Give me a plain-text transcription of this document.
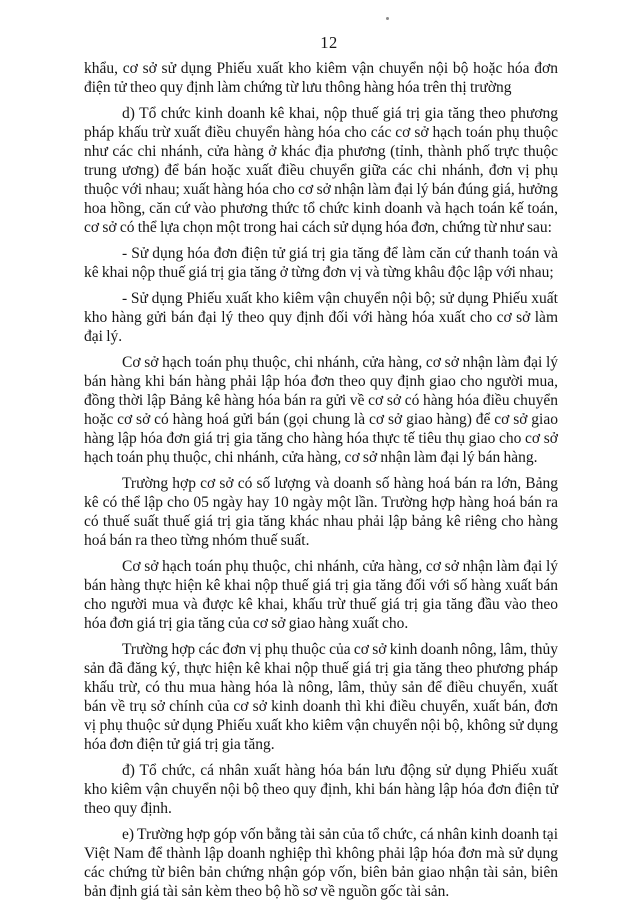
12

khẩu, cơ sở sử dụng Phiếu xuất kho kiêm vận chuyển nội bộ hoặc hóa đơn điện tử theo quy định làm chứng từ lưu thông hàng hóa trên thị trường

d) Tổ chức kinh doanh kê khai, nộp thuế giá trị gia tăng theo phương pháp khấu trừ xuất điều chuyển hàng hóa cho các cơ sở hạch toán phụ thuộc như các chi nhánh, cửa hàng ở khác địa phương (tỉnh, thành phố trực thuộc trung ương) để bán hoặc xuất điều chuyển giữa các chi nhánh, đơn vị phụ thuộc với nhau; xuất hàng hóa cho cơ sở nhận làm đại lý bán đúng giá, hưởng hoa hồng, căn cứ vào phương thức tổ chức kinh doanh và hạch toán kế toán, cơ sở có thể lựa chọn một trong hai cách sử dụng hóa đơn, chứng từ như sau:

- Sử dụng hóa đơn điện tử giá trị gia tăng để làm căn cứ thanh toán và kê khai nộp thuế giá trị gia tăng ở từng đơn vị và từng khâu độc lập với nhau;

- Sử dụng Phiếu xuất kho kiêm vận chuyển nội bộ; sử dụng Phiếu xuất kho hàng gửi bán đại lý theo quy định đối với hàng hóa xuất cho cơ sở làm đại lý.

Cơ sở hạch toán phụ thuộc, chi nhánh, cửa hàng, cơ sở nhận làm đại lý bán hàng khi bán hàng phải lập hóa đơn theo quy định giao cho người mua, đồng thời lập Bảng kê hàng hóa bán ra gửi về cơ sở có hàng hóa điều chuyển hoặc cơ sở có hàng hoá gửi bán (gọi chung là cơ sở giao hàng) để cơ sở giao hàng lập hóa đơn giá trị gia tăng cho hàng hóa thực tế tiêu thụ giao cho cơ sở hạch toán phụ thuộc, chi nhánh, cửa hàng, cơ sở nhận làm đại lý bán hàng.

Trường hợp cơ sở có số lượng và doanh số hàng hoá bán ra lớn, Bảng kê có thể lập cho 05 ngày hay 10 ngày một lần. Trường hợp hàng hoá bán ra có thuế suất thuế giá trị gia tăng khác nhau phải lập bảng kê riêng cho hàng hoá bán ra theo từng nhóm thuế suất.

Cơ sở hạch toán phụ thuộc, chi nhánh, cửa hàng, cơ sở nhận làm đại lý bán hàng thực hiện kê khai nộp thuế giá trị gia tăng đối với số hàng xuất bán cho người mua và được kê khai, khấu trừ thuế giá trị gia tăng đầu vào theo hóa đơn giá trị gia tăng của cơ sở giao hàng xuất cho.

Trường hợp các đơn vị phụ thuộc của cơ sở kinh doanh nông, lâm, thủy sản đã đăng ký, thực hiện kê khai nộp thuế giá trị gia tăng theo phương pháp khấu trừ, có thu mua hàng hóa là nông, lâm, thủy sản để điều chuyển, xuất bán về trụ sở chính của cơ sở kinh doanh thì khi điều chuyển, xuất bán, đơn vị phụ thuộc sử dụng Phiếu xuất kho kiêm vận chuyển nội bộ, không sử dụng hóa đơn điện tử giá trị gia tăng.

đ) Tổ chức, cá nhân xuất hàng hóa bán lưu động sử dụng Phiếu xuất kho kiêm vận chuyển nội bộ theo quy định, khi bán hàng lập hóa đơn điện tử theo quy định.

e) Trường hợp góp vốn bằng tài sản của tổ chức, cá nhân kinh doanh tại Việt Nam để thành lập doanh nghiệp thì không phải lập hóa đơn mà sử dụng các chứng từ biên bản chứng nhận góp vốn, biên bản giao nhận tài sản, biên bản định giá tài sản kèm theo bộ hồ sơ về nguồn gốc tài sản.
